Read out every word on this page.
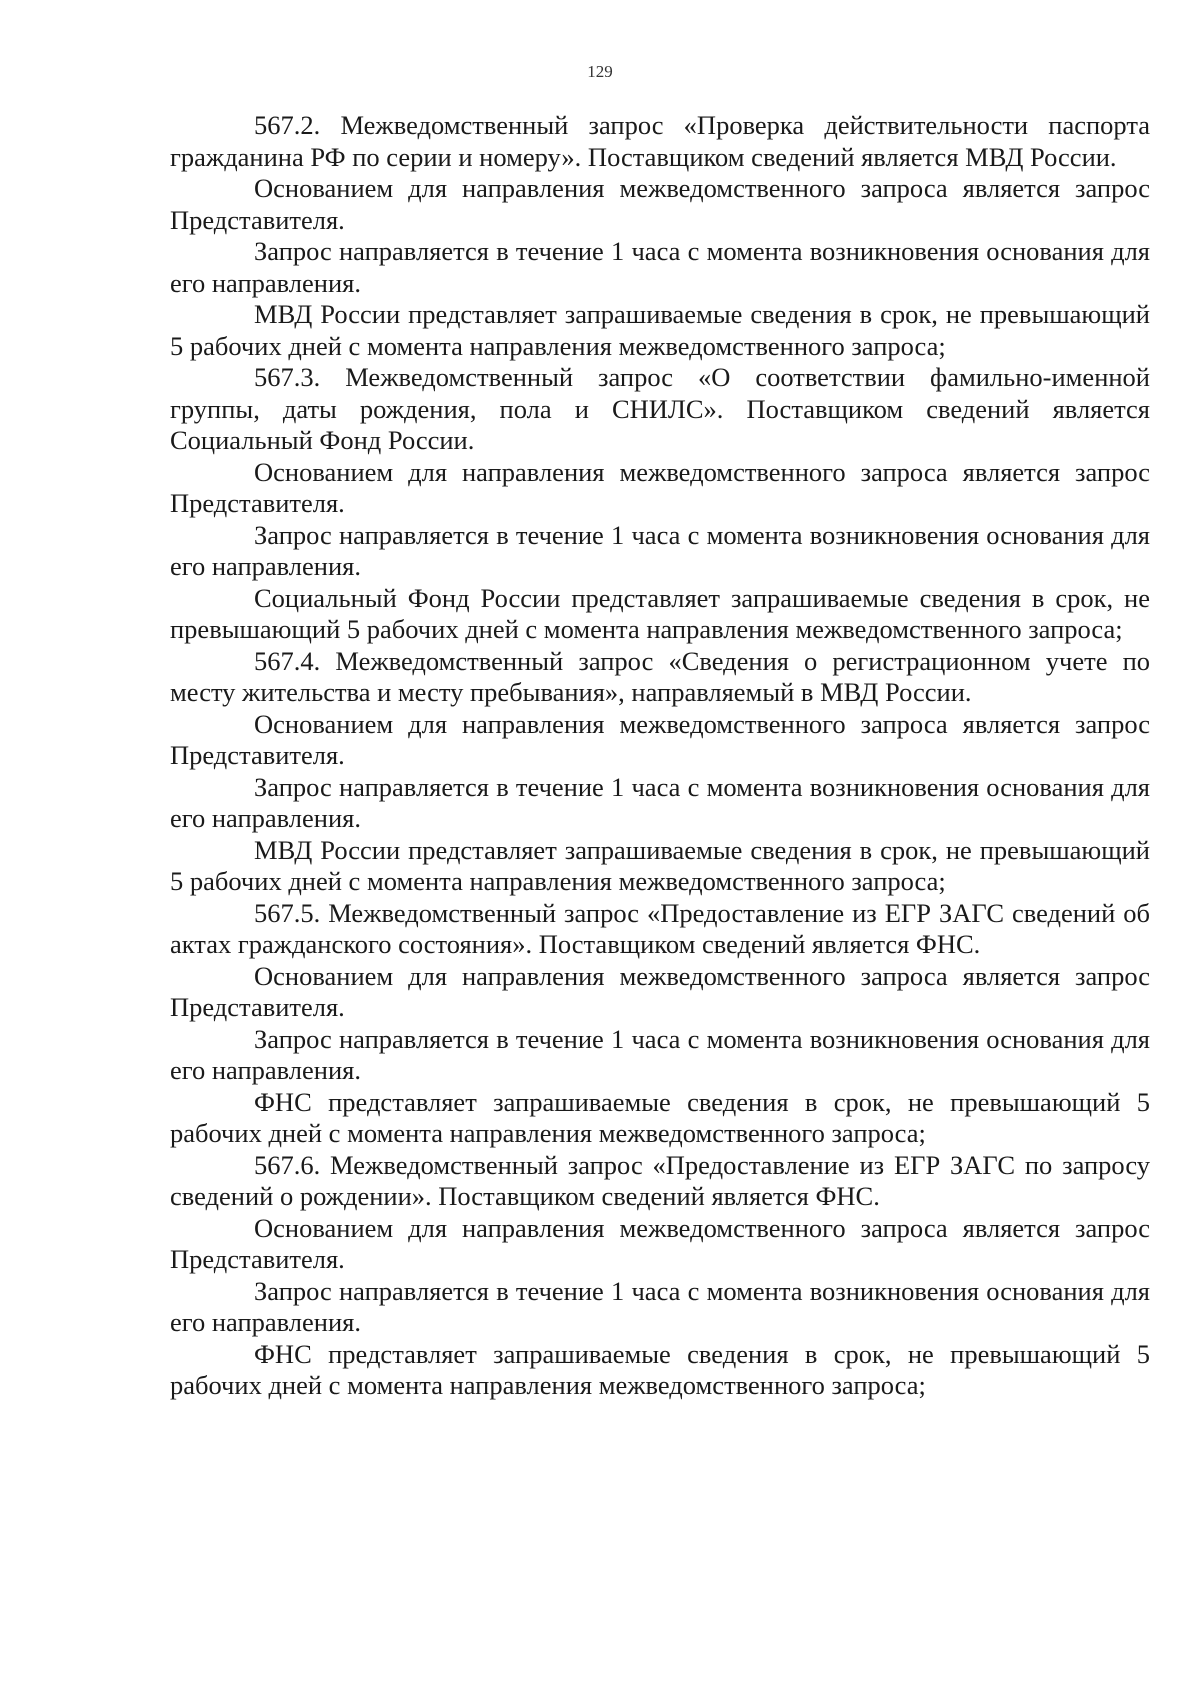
129

567.2. Межведомственный запрос «Проверка действительности паспорта гражданина РФ по серии и номеру». Поставщиком сведений является МВД России.

Основанием для направления межведомственного запроса является запрос Представителя.

Запрос направляется в течение 1 часа с момента возникновения основания для его направления.

МВД России представляет запрашиваемые сведения в срок, не превышающий 5 рабочих дней с момента направления межведомственного запроса;

567.3. Межведомственный запрос «О соответствии фамильно-именной группы, даты рождения, пола и СНИЛС». Поставщиком сведений является Социальный Фонд России.

Основанием для направления межведомственного запроса является запрос Представителя.

Запрос направляется в течение 1 часа с момента возникновения основания для его направления.

Социальный Фонд России представляет запрашиваемые сведения в срок, не превышающий 5 рабочих дней с момента направления межведомственного запроса;

567.4. Межведомственный запрос «Сведения о регистрационном учете по месту жительства и месту пребывания», направляемый в МВД России.

Основанием для направления межведомственного запроса является запрос Представителя.

Запрос направляется в течение 1 часа с момента возникновения основания для его направления.

МВД России представляет запрашиваемые сведения в срок, не превышающий 5 рабочих дней с момента направления межведомственного запроса;

567.5. Межведомственный запрос «Предоставление из ЕГР ЗАГС сведений об актах гражданского состояния». Поставщиком сведений является ФНС.

Основанием для направления межведомственного запроса является запрос Представителя.

Запрос направляется в течение 1 часа с момента возникновения основания для его направления.

ФНС представляет запрашиваемые сведения в срок, не превышающий 5 рабочих дней с момента направления межведомственного запроса;

567.6. Межведомственный запрос «Предоставление из ЕГР ЗАГС по запросу сведений о рождении». Поставщиком сведений является ФНС.

Основанием для направления межведомственного запроса является запрос Представителя.

Запрос направляется в течение 1 часа с момента возникновения основания для его направления.

ФНС представляет запрашиваемые сведения в срок, не превышающий 5 рабочих дней с момента направления межведомственного запроса;
